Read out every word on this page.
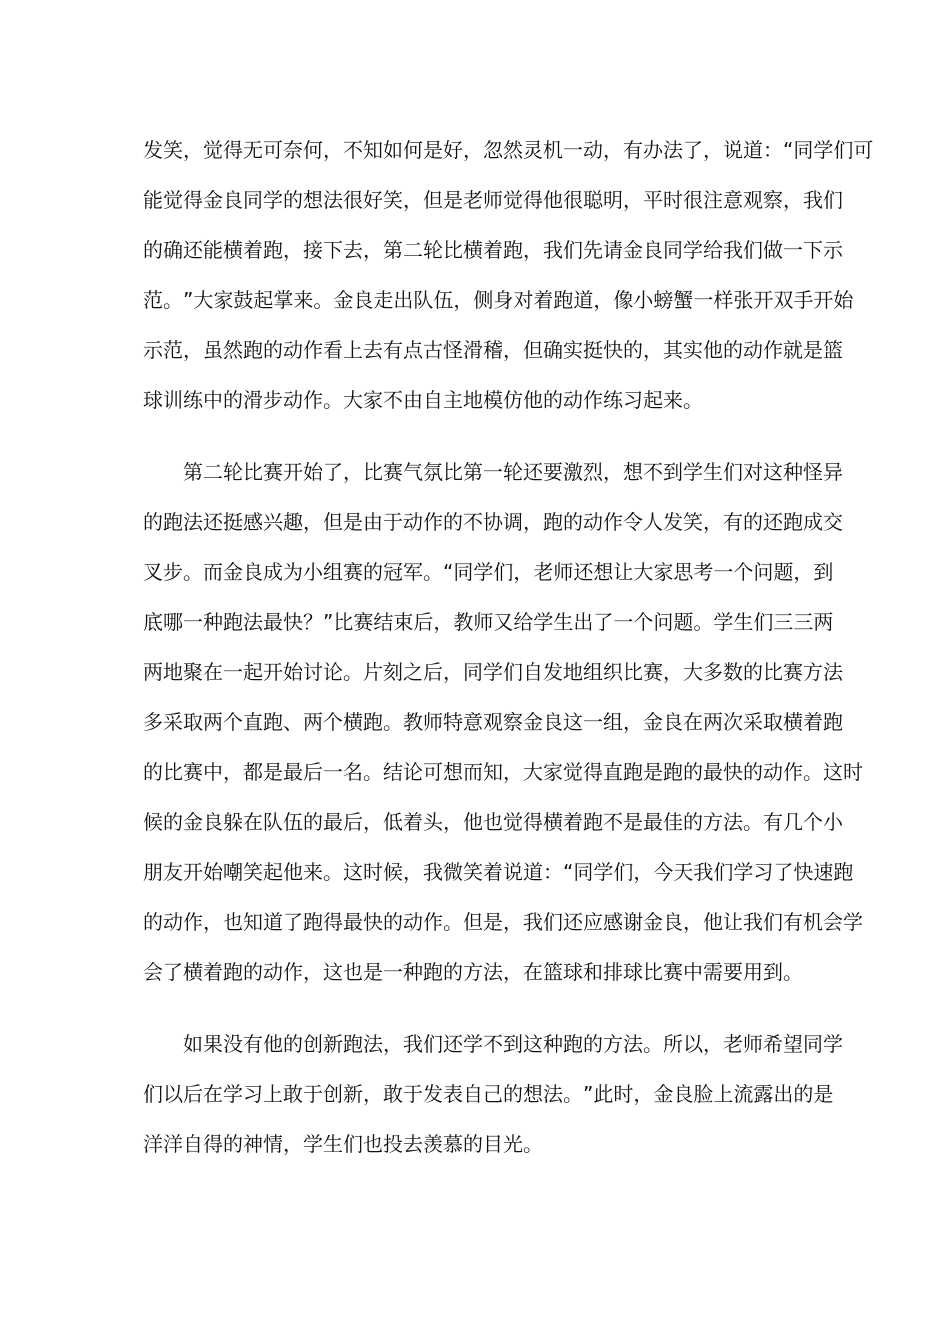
发 笑 ， 觉 得 无 可 奈 何 ， 不 知 如 何 是 好 ， 忽 然 灵 机 一 动 ， 有 办 法 了 ， 说 道 ： “ 同 学 们 可
能 觉 得 金 良 同 学 的 想 法 很 好 笑 ， 但 是 老 师 觉 得 他 很 聪 明 ， 平 时 很 注 意 观 察 ， 我 们
的 确 还 能 横 着 跑 ， 接 下 去 ， 第 二 轮 比 横 着 跑 ， 我 们 先 请 金 良 同 学 给 我 们 做 一 下 示
范 。 ” 大 家 鼓 起 掌 来 。 金 良 走 出 队 伍 ， 侧 身 对 着 跑 道 ， 像 小 螃 蟹 一 样 张 开 双 手 开 始
示 范 ， 虽 然 跑 的 动 作 看 上 去 有 点 古 怪 滑 稽 ， 但 确 实 挺 快 的 ， 其 实 他 的 动 作 就 是 篮
球训练中的滑步动作。大家不由自主地模仿他的动作练习起来。

第 二 轮 比 赛 开 始 了 ， 比 赛 气 氛 比 第 一 轮 还 要 激 烈 ， 想 不 到 学 生 们 对 这 种 怪 异
的 跑 法 还 挺 感 兴 趣 ， 但 是 由 于 动 作 的 不 协 调 ， 跑 的 动 作 令 人 发 笑 ， 有 的 还 跑 成 交
叉 步 。 而 金 良 成 为 小 组 赛 的 冠 军 。 “ 同 学 们 ， 老 师 还 想 让 大 家 思 考 一 个 问 题 ， 到
底 哪 一 种 跑 法 最 快 ？ ” 比 赛 结 束 后 ， 教 师 又 给 学 生 出 了 一 个 问 题 。 学 生 们 三 三 两
两 地 聚 在 一 起 开 始 讨 论 。 片 刻 之 后 ， 同 学 们 自 发 地 组 织 比 赛 ， 大 多 数 的 比 赛 方 法
多 采 取 两 个 直 跑 、 两 个 横 跑 。 教 师 特 意 观 察 金 良 这 一 组 ， 金 良 在 两 次 采 取 横 着 跑
的 比 赛 中 ， 都 是 最 后 一 名 。 结 论 可 想 而 知 ， 大 家 觉 得 直 跑 是 跑 的 最 快 的 动 作 。 这 时
候 的 金 良 躲 在 队 伍 的 最 后 ， 低 着 头 ， 他 也 觉 得 横 着 跑 不 是 最 佳 的 方 法 。 有 几 个 小
朋 友 开 始 嘲 笑 起 他 来 。 这 时 候 ， 我 微 笑 着 说 道 ： “ 同 学 们 ， 今 天 我 们 学 习 了 快 速 跑
的 动 作 ， 也 知 道 了 跑 得 最 快 的 动 作 。 但 是 ， 我 们 还 应 感 谢 金 良 ， 他 让 我 们 有 机 会 学
会了横着跑的动作，这也是一种跑的方法，在篮球和排球比赛中需要用到。

如 果 没 有 他 的 创 新 跑 法 ， 我 们 还 学 不 到 这 种 跑 的 方 法 。 所 以 ， 老 师 希 望 同 学
们 以 后 在 学 习 上 敢 于 创 新 ， 敢 于 发 表 自 己 的 想 法 。 ” 此 时 ， 金 良 脸 上 流 露 出 的 是
洋洋自得的神情，学生们也投去羡慕的目光。
